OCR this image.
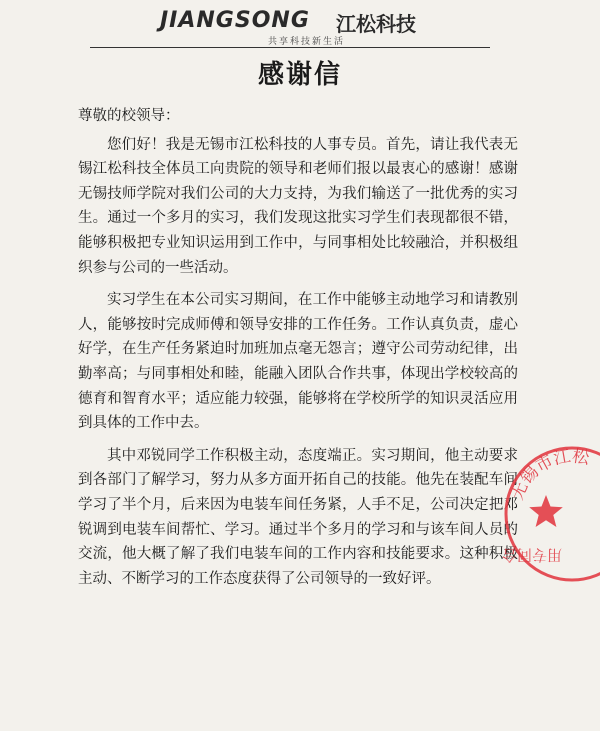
JIANGSONG 江松科技
共享科技新生活
感谢信

尊敬的校领导：

您们好！我是无锡市江松科技的人事专员。首先，请让我代表无锡江松科技全体员工向贵院的领导和老师们报以最衷心的感谢！感谢无锡技师学院对我们公司的大力支持，为我们输送了一批优秀的实习生。通过一个多月的实习，我们发现这批实习学生们表现都很不错，能够积极把专业知识运用到工作中，与同事相处比较融洽，并积极组织参与公司的一些活动。

实习学生在本公司实习期间，在工作中能够主动地学习和请教别人，能够按时完成师傅和领导安排的工作任务。工作认真负责，虚心好学，在生产任务紧迫时加班加点毫无怨言；遵守公司劳动纪律，出勤率高；与同事相处和睦，能融入团队合作共事，体现出学校较高的德育和智育水平；适应能力较强，能够将在学校所学的知识灵活应用到具体的工作中去。

其中邓锐同学工作积极主动，态度端正。实习期间，他主动要求到各部门了解学习，努力从多方面开拓自己的技能。他先在装配车间学习了半个月，后来因为电装车间任务紧，人手不足，公司决定把邓锐调到电装车间帮忙、学习。通过半个多月的学习和与该车间人员的交流，他大概了解了我们电装车间的工作内容和技能要求。这种积极主动、不断学习的工作态度获得了公司领导的一致好评。

无锡市江松
用专同合
